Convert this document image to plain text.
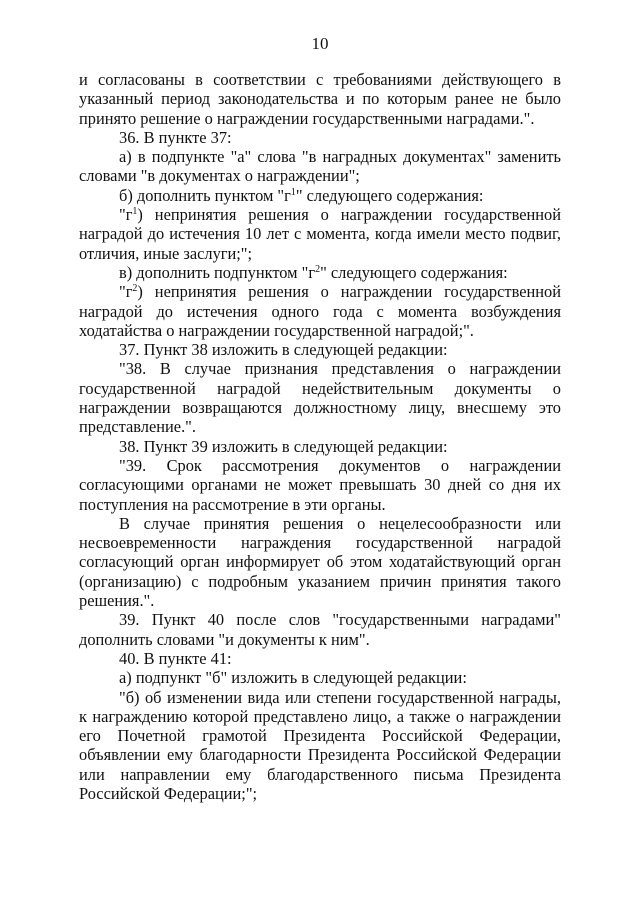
10

и согласованы в соответствии с требованиями действующего в указанный период законодательства и по которым ранее не было принято решение о награждении государственными наградами.".

36. В пункте 37:

а) в подпункте "а" слова "в наградных документах" заменить словами "в документах о награждении";

б) дополнить пунктом "$г^1$" следующего содержания:

"$г^1$) непринятия решения о награждении государственной наградой до истечения 10 лет с момента, когда имели место подвиг, отличия, иные заслуги;";

в) дополнить подпунктом "$г^2$" следующего содержания:

"$г^2$) непринятия решения о награждении государственной наградой до истечения одного года с момента возбуждения ходатайства о награждении государственной наградой;".

37. Пункт 38 изложить в следующей редакции:

"38. В случае признания представления о награждении государственной наградой недействительным документы о награждении возвращаются должностному лицу, внесшему это представление.".

38. Пункт 39 изложить в следующей редакции:

"39. Срок рассмотрения документов о награждении согласующими органами не может превышать 30 дней со дня их поступления на рассмотрение в эти органы.

В случае принятия решения о нецелесообразности или несвоевременности награждения государственной наградой согласующий орган информирует об этом ходатайствующий орган (организацию) с подробным указанием причин принятия такого решения.".

39. Пункт 40 после слов "государственными наградами" дополнить словами "и документы к ним".

40. В пункте 41:

а) подпункт "б" изложить в следующей редакции:

"б) об изменении вида или степени государственной награды, к награждению которой представлено лицо, а также о награждении его Почетной грамотой Президента Российской Федерации, объявлении ему благодарности Президента Российской Федерации или направлении ему благодарственного письма Президента Российской Федерации;";
